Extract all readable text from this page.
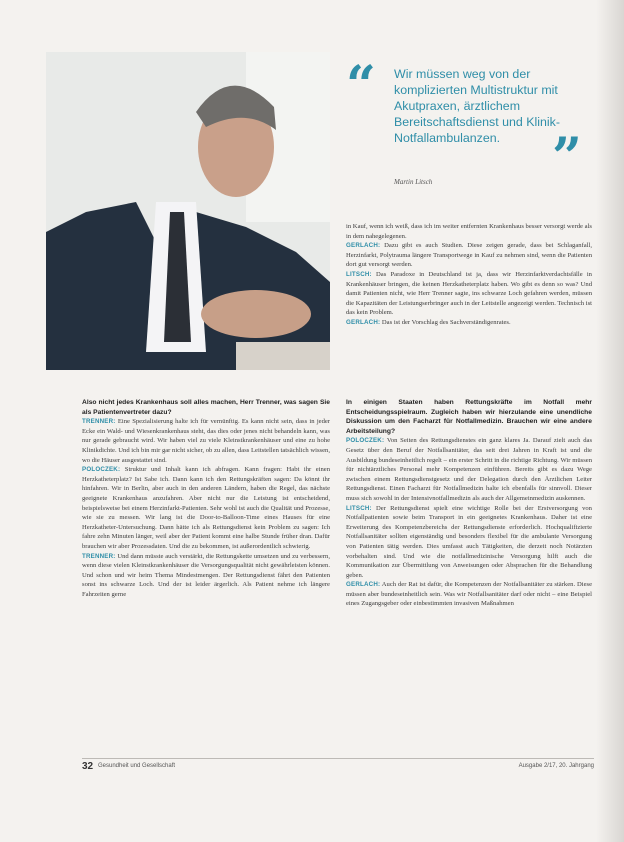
“ Wir müssen weg von der komplizierten Multistruktur mit Akutpraxen, ärztlichem Bereitschaftsdienst und Klinik-Notfallambulanzen. ”
Martin Litsch

in Kauf, wenn ich weiß, dass ich im weiter entfernten Krankenhaus besser versorgt werde als in dem nahegelegenen.

GERLACH: Dazu gibt es auch Studien. Diese zeigen gerade, dass bei Schlaganfall, Herzinfarkt, Polytrauma längere Transportwege in Kauf zu nehmen sind, wenn die Patienten dort gut versorgt werden.

LITSCH: Das Paradoxe in Deutschland ist ja, dass wir Herzinfarktverdachtsfälle in Krankenhäuser bringen, die keinen Herzkatheterplatz haben. Wo gibt es denn so was? Und damit Patienten nicht, wie Herr Trenner sagte, ins schwarze Loch gefahren werden, müssen die Kapazitäten der Leistungserbringer auch in der Leitstelle angezeigt werden. Technisch ist das kein Problem.

GERLACH: Das ist der Vorschlag des Sachverständigenrates.

Also nicht jedes Krankenhaus soll alles machen, Herr Trenner, was sagen Sie als Patientenvertreter dazu?

TRENNER: Eine Spezialisierung halte ich für vernünftig. Es kann nicht sein, dass in jeder Ecke ein Wald- und Wiesenkrankenhaus steht, das dies oder jenes nicht behandeln kann, was nur gerade gebraucht wird. Wir haben viel zu viele Kleinstkrankenhäuser und eine zu hohe Klinikdichte. Und ich bin mir gar nicht sicher, ob zu allen, dass Leitstellen tatsächlich wissen, wo die Häuser ausgestattet sind.

POLOCZEK: Struktur und Inhalt kann ich abfragen. Kann fragen: Habt ihr einen Herzkatheterplatz? Ist Sabe ich. Dann kann ich den Rettungskräften sagen: Da könnt ihr hinfahren. Wir in Berlin, aber auch in den anderen Ländern, haben die Regel, das nächste geeignete Krankenhaus anzufahren. Aber nicht nur die Leistung ist entscheidend, beispielsweise bei einem Herzinfarkt-Patienten. Sehr wohl ist auch die Qualität und Prozesse, wie sie zu messen. Wir lang ist die Door-to-Balloon-Time eines Hauses für eine Herzkatheter-Untersuchung. Dann hätte ich als Rettungsdienst kein Problem zu sagen: Ich fahre zehn Minuten länger, weil aber der Patient kommt eine halbe Stunde früher dran. Dafür brauchen wir aber Prozessdaten. Und die zu bekommen, ist außerordentlich schwierig.

TRENNER: Und dann müsste auch verstärkt, die Rettungskette umsetzen und zu verbessern, wenn diese vielen Kleinstkrankenhäuser die Versorgungsqualität nicht gewährleisten können. Und schon und wir heim Thema Mindestmengen. Der Rettungsdienst fährt den Patienten sonst ins schwarze Loch. Und der ist leider ärgerlich. Als Patient nehme ich längere Fahrzeiten gerne

In einigen Staaten haben Rettungskräfte im Notfall mehr Entscheidungsspielraum. Zugleich haben wir hierzulande eine unendliche Diskussion um den Facharzt für Notfallmedizin. Brauchen wir eine andere Arbeitsteilung?

POLOCZEK: Von Seiten des Rettungsdienstes ein ganz klares Ja. Darauf zielt auch das Gesetz über den Beruf der Notfallsanitäter, das seit drei Jahren in Kraft ist und die Ausbildung bundeseinheitlich regelt – ein erster Schritt in die richtige Richtung. Wir müssen für nichtärztliches Personal mehr Kompetenzen einführen. Bereits gibt es dazu Wege zwischen einem Rettungsdienstgesetz und der Delegation durch den Ärztlichen Leiter Rettungsdienst. Einen Facharzt für Notfallmedizin halte ich ebenfalls für sinnvoll. Dieser muss sich sowohl in der Intensivnotfallmedizin als auch der Allgemeinmedizin auskennen.

LITSCH: Der Rettungsdienst spielt eine wichtige Rolle bei der Erstversorgung von Notfallpatienten sowie beim Transport in ein geeignetes Krankenhaus. Daher ist eine Erweiterung des Kompetenzbereichs der Rettungsdienste erforderlich. Hochqualifizierte Notfallsanitäter sollten eigenständig und besonders flexibel für die ambulante Versorgung von Patienten tätig werden. Dies umfasst auch Tätigkeiten, die derzeit noch Notärzten vorbehalten sind. Und wie die notfallmedizinische Versorgung hilft auch die Kommunikation zur Übermittlung von Anweisungen oder Absprachen für die Behandlung geben.

GERLACH: Auch der Rat ist dafür, die Kompetenzen der Notfallsanitäter zu stärken. Diese müssen aber bundeseinheitlich sein. Was wir Notfallsanitäter darf oder nicht – eine Beispiel eines Zugangsgeber oder einbestimmten invasiven Maßnahmen

32 Gesundheit und Gesellschaft	Ausgabe 2/17, 20. Jahrgang
